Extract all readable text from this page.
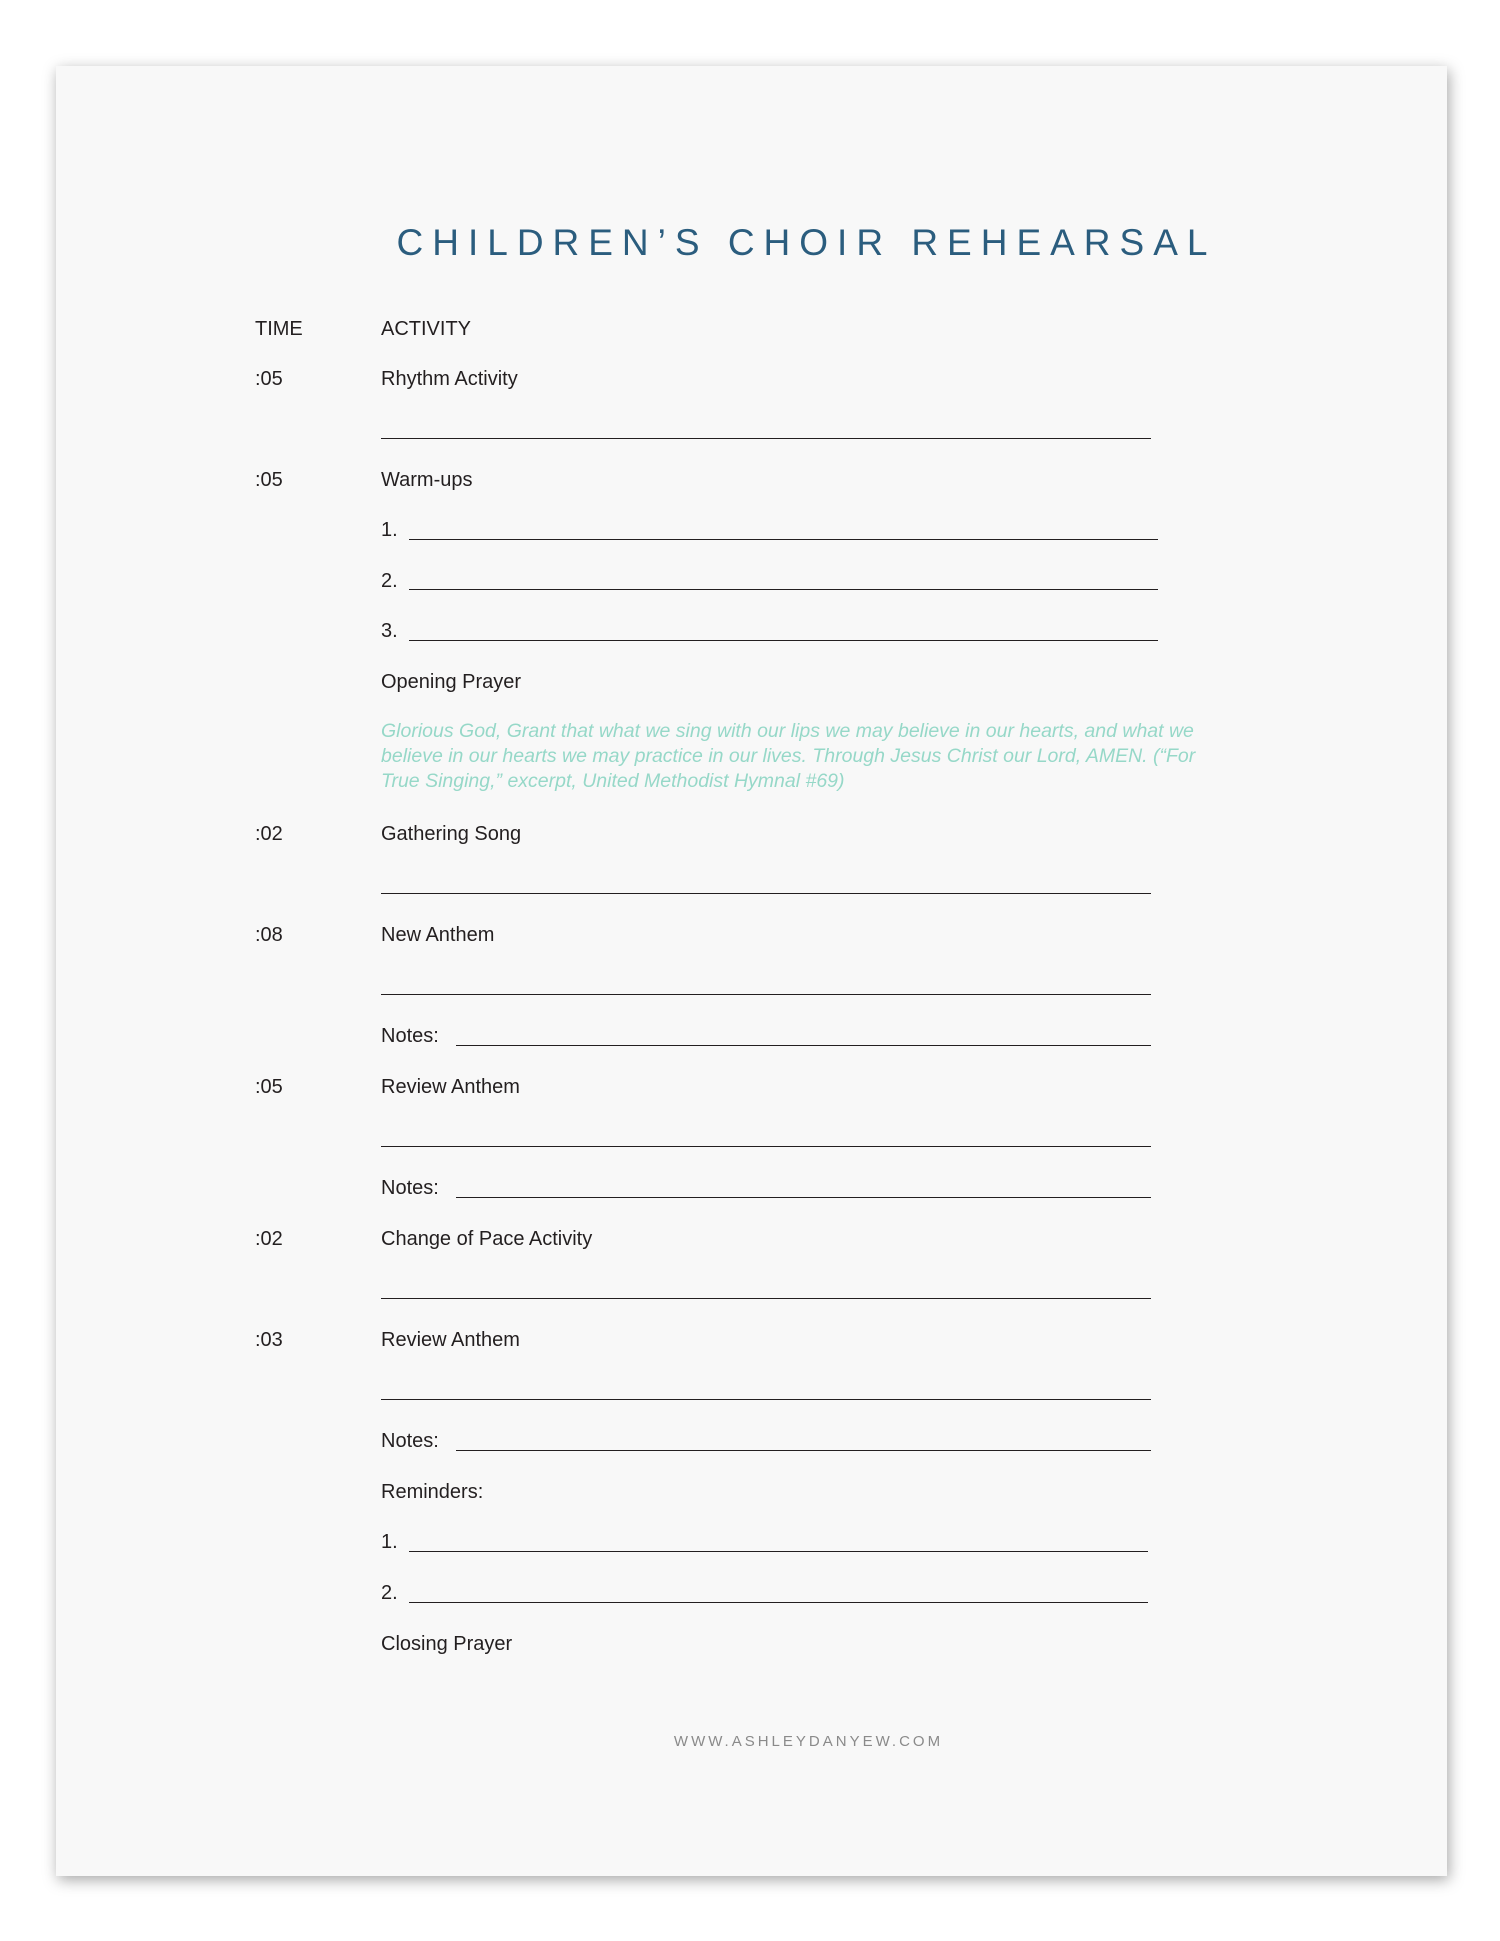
CHILDREN’S CHOIR REHEARSAL
TIME	ACTIVITY
:05	Rhythm Activity
:05	Warm-ups
1.
2.
3.
Opening Prayer
Glorious God, Grant that what we sing with our lips we may believe in our hearts, and what we believe in our hearts we may practice in our lives. Through Jesus Christ our Lord, AMEN. (“For True Singing,” excerpt, United Methodist Hymnal #69)
:02	Gathering Song
:08	New Anthem
Notes:
:05	Review Anthem
Notes:
:02	Change of Pace Activity
:03	Review Anthem
Notes:
Reminders:
1.
2.
Closing Prayer
WWW.ASHLEYDANYEW.COM
